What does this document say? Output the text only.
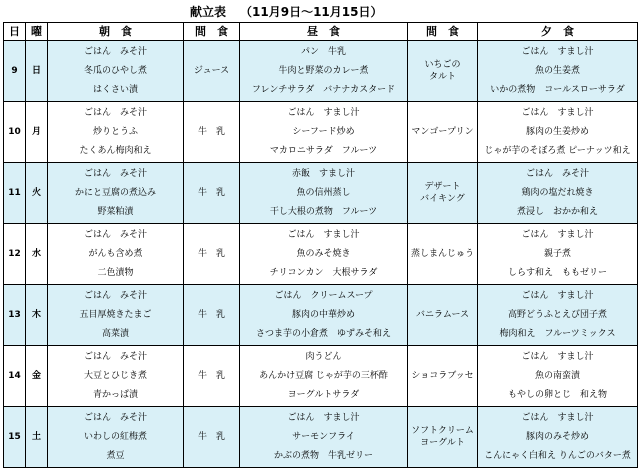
献立表 （11月9日～11月15日）
日	曜	朝　食	間　食	昼　食	間　食	夕　食
9	日	ごはん　みそ汁
冬瓜のひやし煮
はくさい漬	ジュース	パン　牛乳
牛肉と野菜のカレー煮
フレンチサラダ　バナナカスタード	いちごの
タルト	ごはん　すまし汁
魚の生姜煮
いかの煮物　コールスローサラダ

10	月	ごはん　みそ汁
炒りとうふ
たくあん梅肉和え	牛　乳	ごはん　すまし汁
シーフード炒め
マカロニサラダ　フルーツ	マンゴープリン	ごはん　すまし汁
豚肉の生姜炒め
じゃが芋のそぼろ煮 ピーナッツ和え

11	火	ごはん　みそ汁
かにと豆腐の煮込み
野菜粕漬	牛　乳	赤飯　すまし汁
魚の信州蒸し
干し大根の煮物　フルーツ	デザート
バイキング	ごはん　みそ汁
鶏肉の塩だれ焼き
煮浸し　おかか和え

12	水	ごはん　みそ汁
がんも含め煮
二色漬物	牛　乳	ごはん　すまし汁
魚のみそ焼き
チリコンカン　大根サラダ	蒸しまんじゅう	ごはん　すまし汁
親子煮
しらす和え　ももゼリー

13	木	ごはん　みそ汁
五目厚焼きたまご
高菜漬	牛　乳	ごはん　クリームスープ
豚肉の中華炒め
さつま芋の小倉煮　ゆずみそ和え	バニラムース	ごはん　すまし汁
高野どうふとえび団子煮
梅肉和え　フルーツミックス

14	金	ごはん　みそ汁
大豆とひじき煮
青かっぱ漬	牛　乳	肉うどん
あんかけ豆腐 じゃが芋の三杯酢
ヨーグルトサラダ	ショコラブッセ	ごはん　すまし汁
魚の南蛮漬
もやしの卵とじ　和え物

15	土	ごはん　みそ汁
いわしの紅梅煮
煮豆	牛　乳	ごはん　すまし汁
サーモンフライ
かぶの煮物　牛乳ゼリー	ソフトクリーム
ヨーグルト	ごはん　すまし汁
豚肉のみそ炒め
こんにゃく白和え りんごのバター煮
